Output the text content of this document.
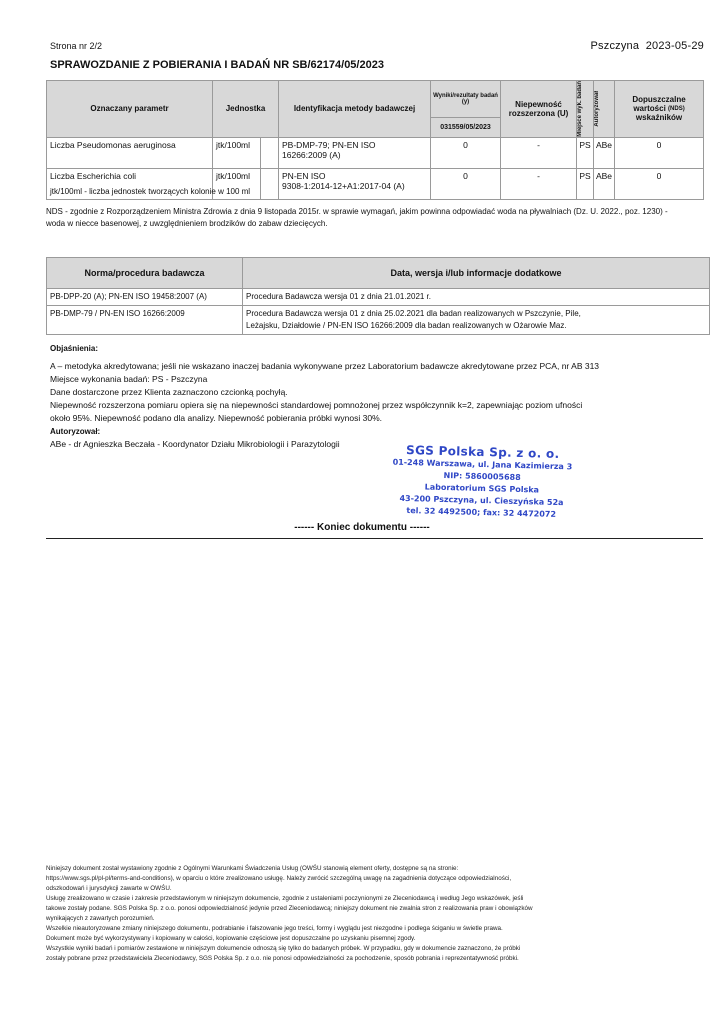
Strona nr 2/2	Pszczyna 2023-05-29
SPRAWOZDANIE Z POBIERANIA I BADAŃ NR SB/62174/05/2023
Oznaczany parametr	Jednostka		Identyfikacja metody badawczej	Wyniki/rezultaty badań (y)	Niepewność rozszerzona (U)	Miejsce wyk. badań	Autoryzował	Dopuszczalne wartości (NDS)
wskaźników
				031559/05/2023				
Liczba Pseudomonas aeruginosa	jtk/100ml		PB-DMP-79; PN-EN ISO
16266:2009 (A)	0	-	PS	ABe	0
Liczba Escherichia coli	jtk/100ml		PN-EN ISO
9308-1:2014-12+A1:2017-04 (A)	0	-	PS	ABe	0
jtk/100ml - liczba jednostek tworzących kolonie w 100 ml
NDS - zgodnie z Rozporządzeniem Ministra Zdrowia z dnia 9 listopada 2015r. w sprawie wymagań, jakim powinna odpowiadać woda na pływalniach (Dz. U. 2022., poz. 1230) - woda w niecce basenowej, z uwzględnieniem brodzików do zabaw dziecięcych.
Norma/procedura badawcza	Data, wersja i/lub informacje dodatkowe
PB-DPP-20 (A); PN-EN ISO 19458:2007 (A)	Procedura Badawcza wersja 01 z dnia 21.01.2021 r.
PB-DMP-79 / PN-EN ISO 16266:2009	Procedura Badawcza wersja 01 z dnia 25.02.2021 dla badan realizowanych w Pszczynie, Pile,
Leżajsku, Działdowie / PN-EN ISO 16266:2009 dla badan realizowanych w Ożarowie Maz.
Objaśnienia:
A – metodyka akredytowana; jeśli nie wskazano inaczej badania wykonywane przez Laboratorium badawcze akredytowane przez PCA, nr AB 313
Miejsce wykonania badań: PS - Pszczyna
Dane dostarczone przez Klienta zaznaczono czcionką pochyłą.
Niepewność rozszerzona pomiaru opiera się na niepewności standardowej pomnożonej przez współczynnik k=2, zapewniając poziom ufności
około 95%. Niepewność podano dla analizy. Niepewność pobierania próbki wynosi 30%.
Autoryzował:
ABe - dr Agnieszka Beczała - Koordynator Działu Mikrobiologii i Parazytologii	SGS Polska Sp. z o. o.
01-248 Warszawa, ul. Jana Kazimierza 3
NIP: 5860005688
Laboratorium SGS Polska
43-200 Pszczyna, ul. Cieszyńska 52a
tel. 32 4492500; fax: 32 4472072
------ Koniec dokumentu ------
Niniejszy dokument został wystawiony zgodnie z Ogólnymi Warunkami Świadczenia Usług (OWŚU stanowią element oferty, dostępne są na stronie:
https://www.sgs.pl/pl-pl/terms-and-conditions), w oparciu o które zrealizowano usługę. Należy zwrócić szczególną uwagę na zagadnienia dotyczące odpowiedzialności,
odszkodowań i jurysdykcji zawarte w OWŚU.
Usługę zrealizowano w czasie i zakresie przedstawionym w niniejszym dokumencie, zgodnie z ustaleniami poczynionymi ze Zleceniodawcą i według Jego wskazówek, jeśli
takowe zostały podane. SGS Polska Sp. z o.o. ponosi odpowiedzialność jedynie przed Zleceniodawcą; niniejszy dokument nie zwalnia stron z realizowania praw i obowiązków
wynikających z zawartych porozumień.
Wszelkie nieautoryzowane zmiany niniejszego dokumentu, podrabianie i fałszowanie jego treści, formy i wyglądu jest niezgodne i podlega ściganiu w świetle prawa.
Dokument może być wykorzystywany i kopiowany w całości, kopiowanie częściowe jest dopuszczalne po uzyskaniu pisemnej zgody.
Wszystkie wyniki badań i pomiarów zestawione w niniejszym dokumencie odnoszą się tylko do badanych próbek. W przypadku, gdy w dokumencie zaznaczono, że próbki
zostały pobrane przez przedstawiciela Zleceniodawcy, SGS Polska Sp. z o.o. nie ponosi odpowiedzialności za pochodzenie, sposób pobrania i reprezentatywność próbki.
